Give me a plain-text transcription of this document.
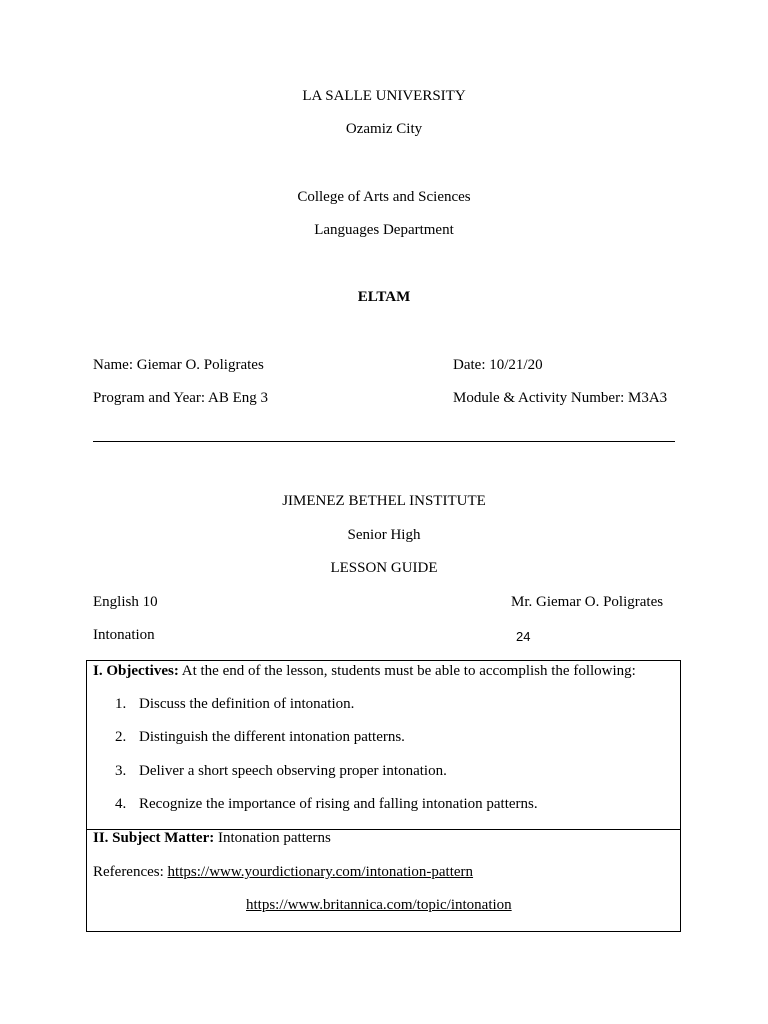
LA SALLE UNIVERSITY
Ozamiz City
College of Arts and Sciences
Languages Department
ELTAM
Name: Giemar O. Poligrates	Date: 10/21/20
Program and Year: AB Eng 3	Module & Activity Number: M3A3
JIMENEZ BETHEL INSTITUTE
Senior High
LESSON GUIDE
English 10	Mr. Giemar O. Poligrates
Intonation	24
I. Objectives: At the end of the lesson, students must be able to accomplish the following:
1. Discuss the definition of intonation.
2. Distinguish the different intonation patterns.
3. Deliver a short speech observing proper intonation.
4. Recognize the importance of rising and falling intonation patterns.
II. Subject Matter: Intonation patterns
References: https://www.yourdictionary.com/intonation-pattern
https://www.britannica.com/topic/intonation
